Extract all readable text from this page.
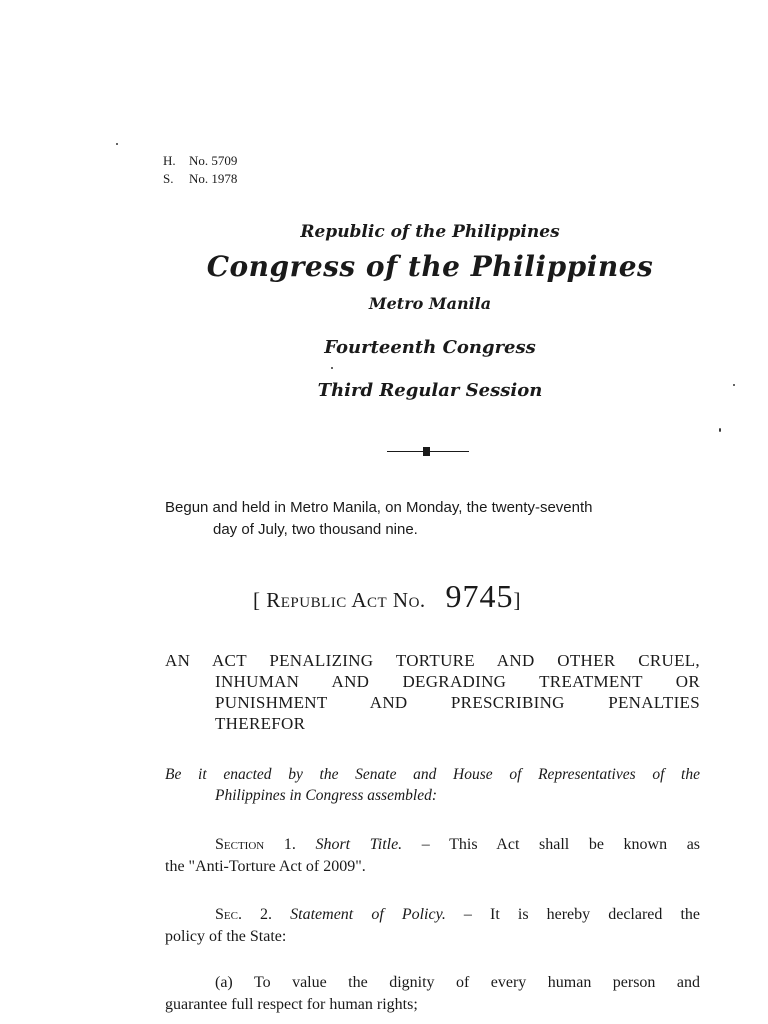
H. No. 5709
S. No. 1978
Republic of the Philippines
Congress of the Philippines
Metro Manila
Fourteenth Congress
Third Regular Session
Begun and held in Metro Manila, on Monday, the twenty-seventh
day of July, two thousand nine.
[ Republic Act No. 9745]
AN ACT PENALIZING TORTURE AND OTHER CRUEL,
INHUMAN AND DEGRADING TREATMENT OR
PUNISHMENT AND PRESCRIBING PENALTIES
THEREFOR
Be it enacted by the Senate and House of Representatives of the
Philippines in Congress assembled:
Section 1. Short Title. – This Act shall be known as
the "Anti-Torture Act of 2009".
Sec. 2. Statement of Policy. – It is hereby declared the
policy of the State:
(a) To value the dignity of every human person and
guarantee full respect for human rights;
